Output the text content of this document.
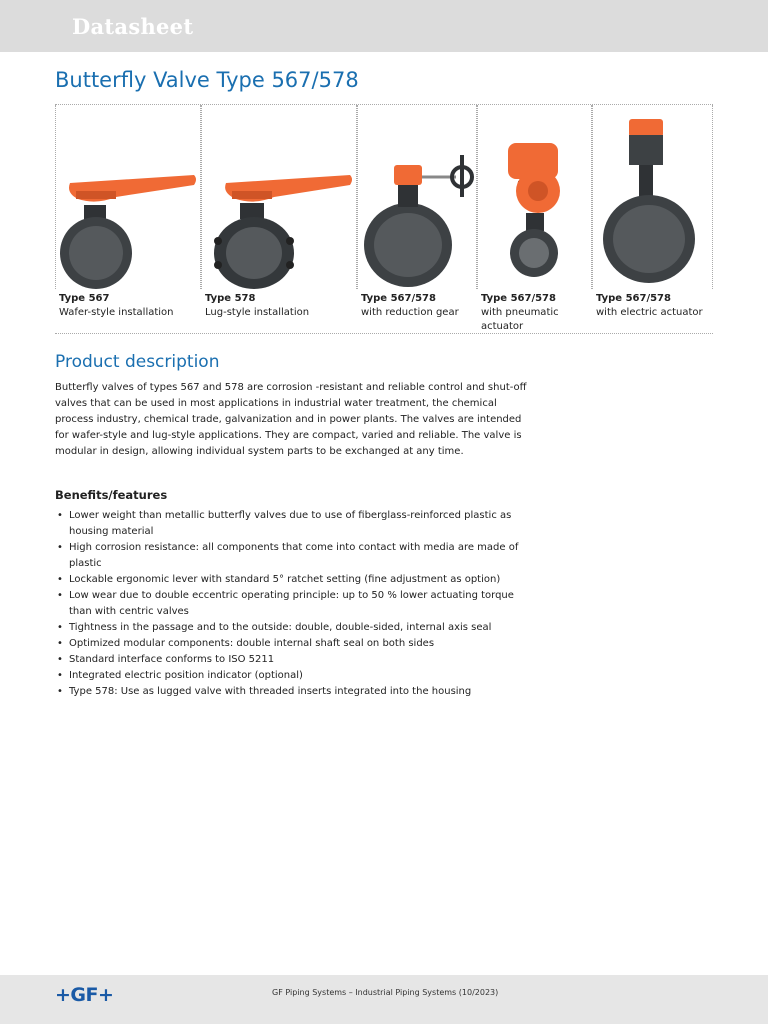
Datasheet
Butterfly Valve Type 567/578
Type 567
Wafer-style installation
Type 578
Lug-style installation
Type 567/578
with reduction gear
Type 567/578
with pneumatic actuator
Type 567/578
with electric actuator
Product description

Butterfly valves of types 567 and 578 are corrosion -resistant and reliable control and shut-off valves that can be used in most applications in industrial water treatment, the chemical process industry, chemical trade, galvanization and in power plants. The valves are intended for wafer-style and lug-style applications. They are compact, varied and reliable. The valve is modular in design, allowing individual system parts to be exchanged at any time.

Benefits/features
• Lower weight than metallic butterfly valves due to use of fiberglass-reinforced plastic as housing material
• High corrosion resistance: all components that come into contact with media are made of plastic
• Lockable ergonomic lever with standard 5° ratchet setting (fine adjustment as option)
• Low wear due to double eccentric operating principle: up to 50 % lower actuating torque than with centric valves
• Tightness in the passage and to the outside: double, double-sided, internal axis seal
• Optimized modular components: double internal shaft seal on both sides
• Standard interface conforms to ISO 5211
• Integrated electric position indicator (optional)
• Type 578: Use as lugged valve with threaded inserts integrated into the housing
+GF+	GF Piping Systems – Industrial Piping Systems (10/2023)
